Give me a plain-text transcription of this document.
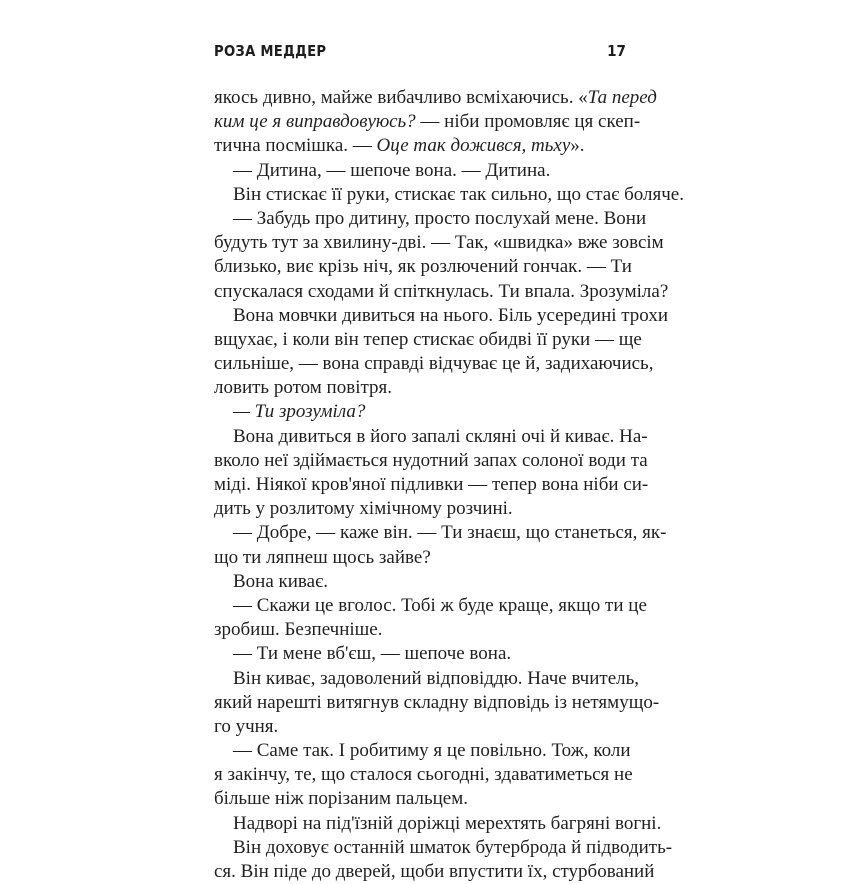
РОЗА МЕДДЕР	17
якось дивно, майже вибачливо всміхаючись. «Та перед
ким це я виправдовуюсь? — ніби промовляє ця скеп-
тична посмішка. — Оце так дожився, тьху».
— Дитина, — шепоче вона. — Дитина.
Він стискає її руки, стискає так сильно, що стає боляче.
— Забудь про дитину, просто послухай мене. Вони
будуть тут за хвилину-дві. — Так, «швидка» вже зовсім
близько, виє крізь ніч, як розлючений гончак. — Ти
спускалася сходами й спіткнулась. Ти впала. Зрозуміла?
Вона мовчки дивиться на нього. Біль усередині трохи
вщухає, і коли він тепер стискає обидві її руки — ще
сильніше, — вона справді відчуває це й, задихаючись,
ловить ротом повітря.
— Ти зрозуміла?
Вона дивиться в його запалі скляні очі й киває. На-
вколо неї здіймається нудотний запах солоної води та
міді. Ніякої кров'яної підливки — тепер вона ніби си-
дить у розлитому хімічному розчині.
— Добре, — каже він. — Ти знаєш, що станеться, як-
що ти ляпнеш щось зайве?
Вона киває.
— Скажи це вголос. Тобі ж буде краще, якщо ти це
зробиш. Безпечніше.
— Ти мене вб'єш, — шепоче вона.
Він киває, задоволений відповіддю. Наче вчитель,
який нарешті витягнув складну відповідь із нетямущо-
го учня.
— Саме так. І робитиму я це повільно. Тож, коли
я закінчу, те, що сталося сьогодні, здаватиметься не
більше ніж порізаним пальцем.
Надворі на під'їзній доріжці мерехтять багряні вогні.
Він доховує останній шматок бутерброда й підводить-
ся. Він піде до дверей, щоби впустити їх, стурбований
